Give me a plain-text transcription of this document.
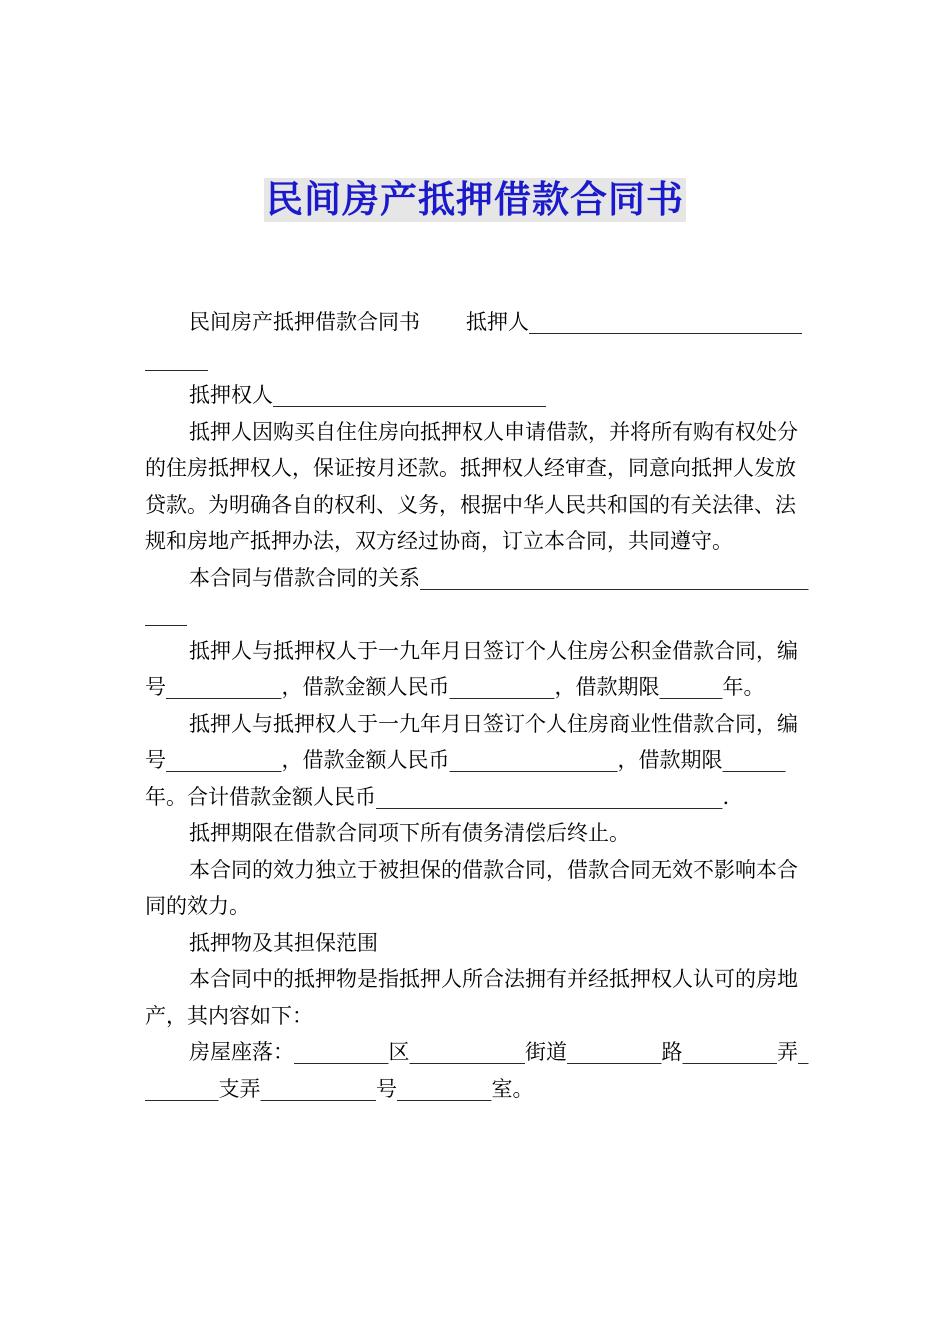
民间房产抵押借款合同书

民间房产抵押借款合同书 抵押人________________________________

抵押权人__________________________

抵押人因购买自住住房向抵押权人申请借款，并将所有购有权处分的住房抵押权人，保证按月还款。抵押权人经审查，同意向抵押人发放贷款。为明确各自的权利、义务，根据中华人民共和国的有关法律、法规和房地产抵押办法，双方经过协商，订立本合同，共同遵守。

本合同与借款合同的关系_________________________________________

抵押人与抵押权人于一九年月日签订个人住房公积金借款合同，编号___________，借款金额人民币__________，借款期限______年。

抵押人与抵押权人于一九年月日签订个人住房商业性借款合同，编号___________，借款金额人民币________________，借款期限______年。合计借款金额人民币_________________________________.

抵押期限在借款合同项下所有债务清偿后终止。

本合同的效力独立于被担保的借款合同，借款合同无效不影响本合同的效力。

抵押物及其担保范围

本合同中的抵押物是指抵押人所合法拥有并经抵押权人认可的房地产，其内容如下：

房屋座落：_________区___________街道_________路_________弄________支弄___________号_________室。
